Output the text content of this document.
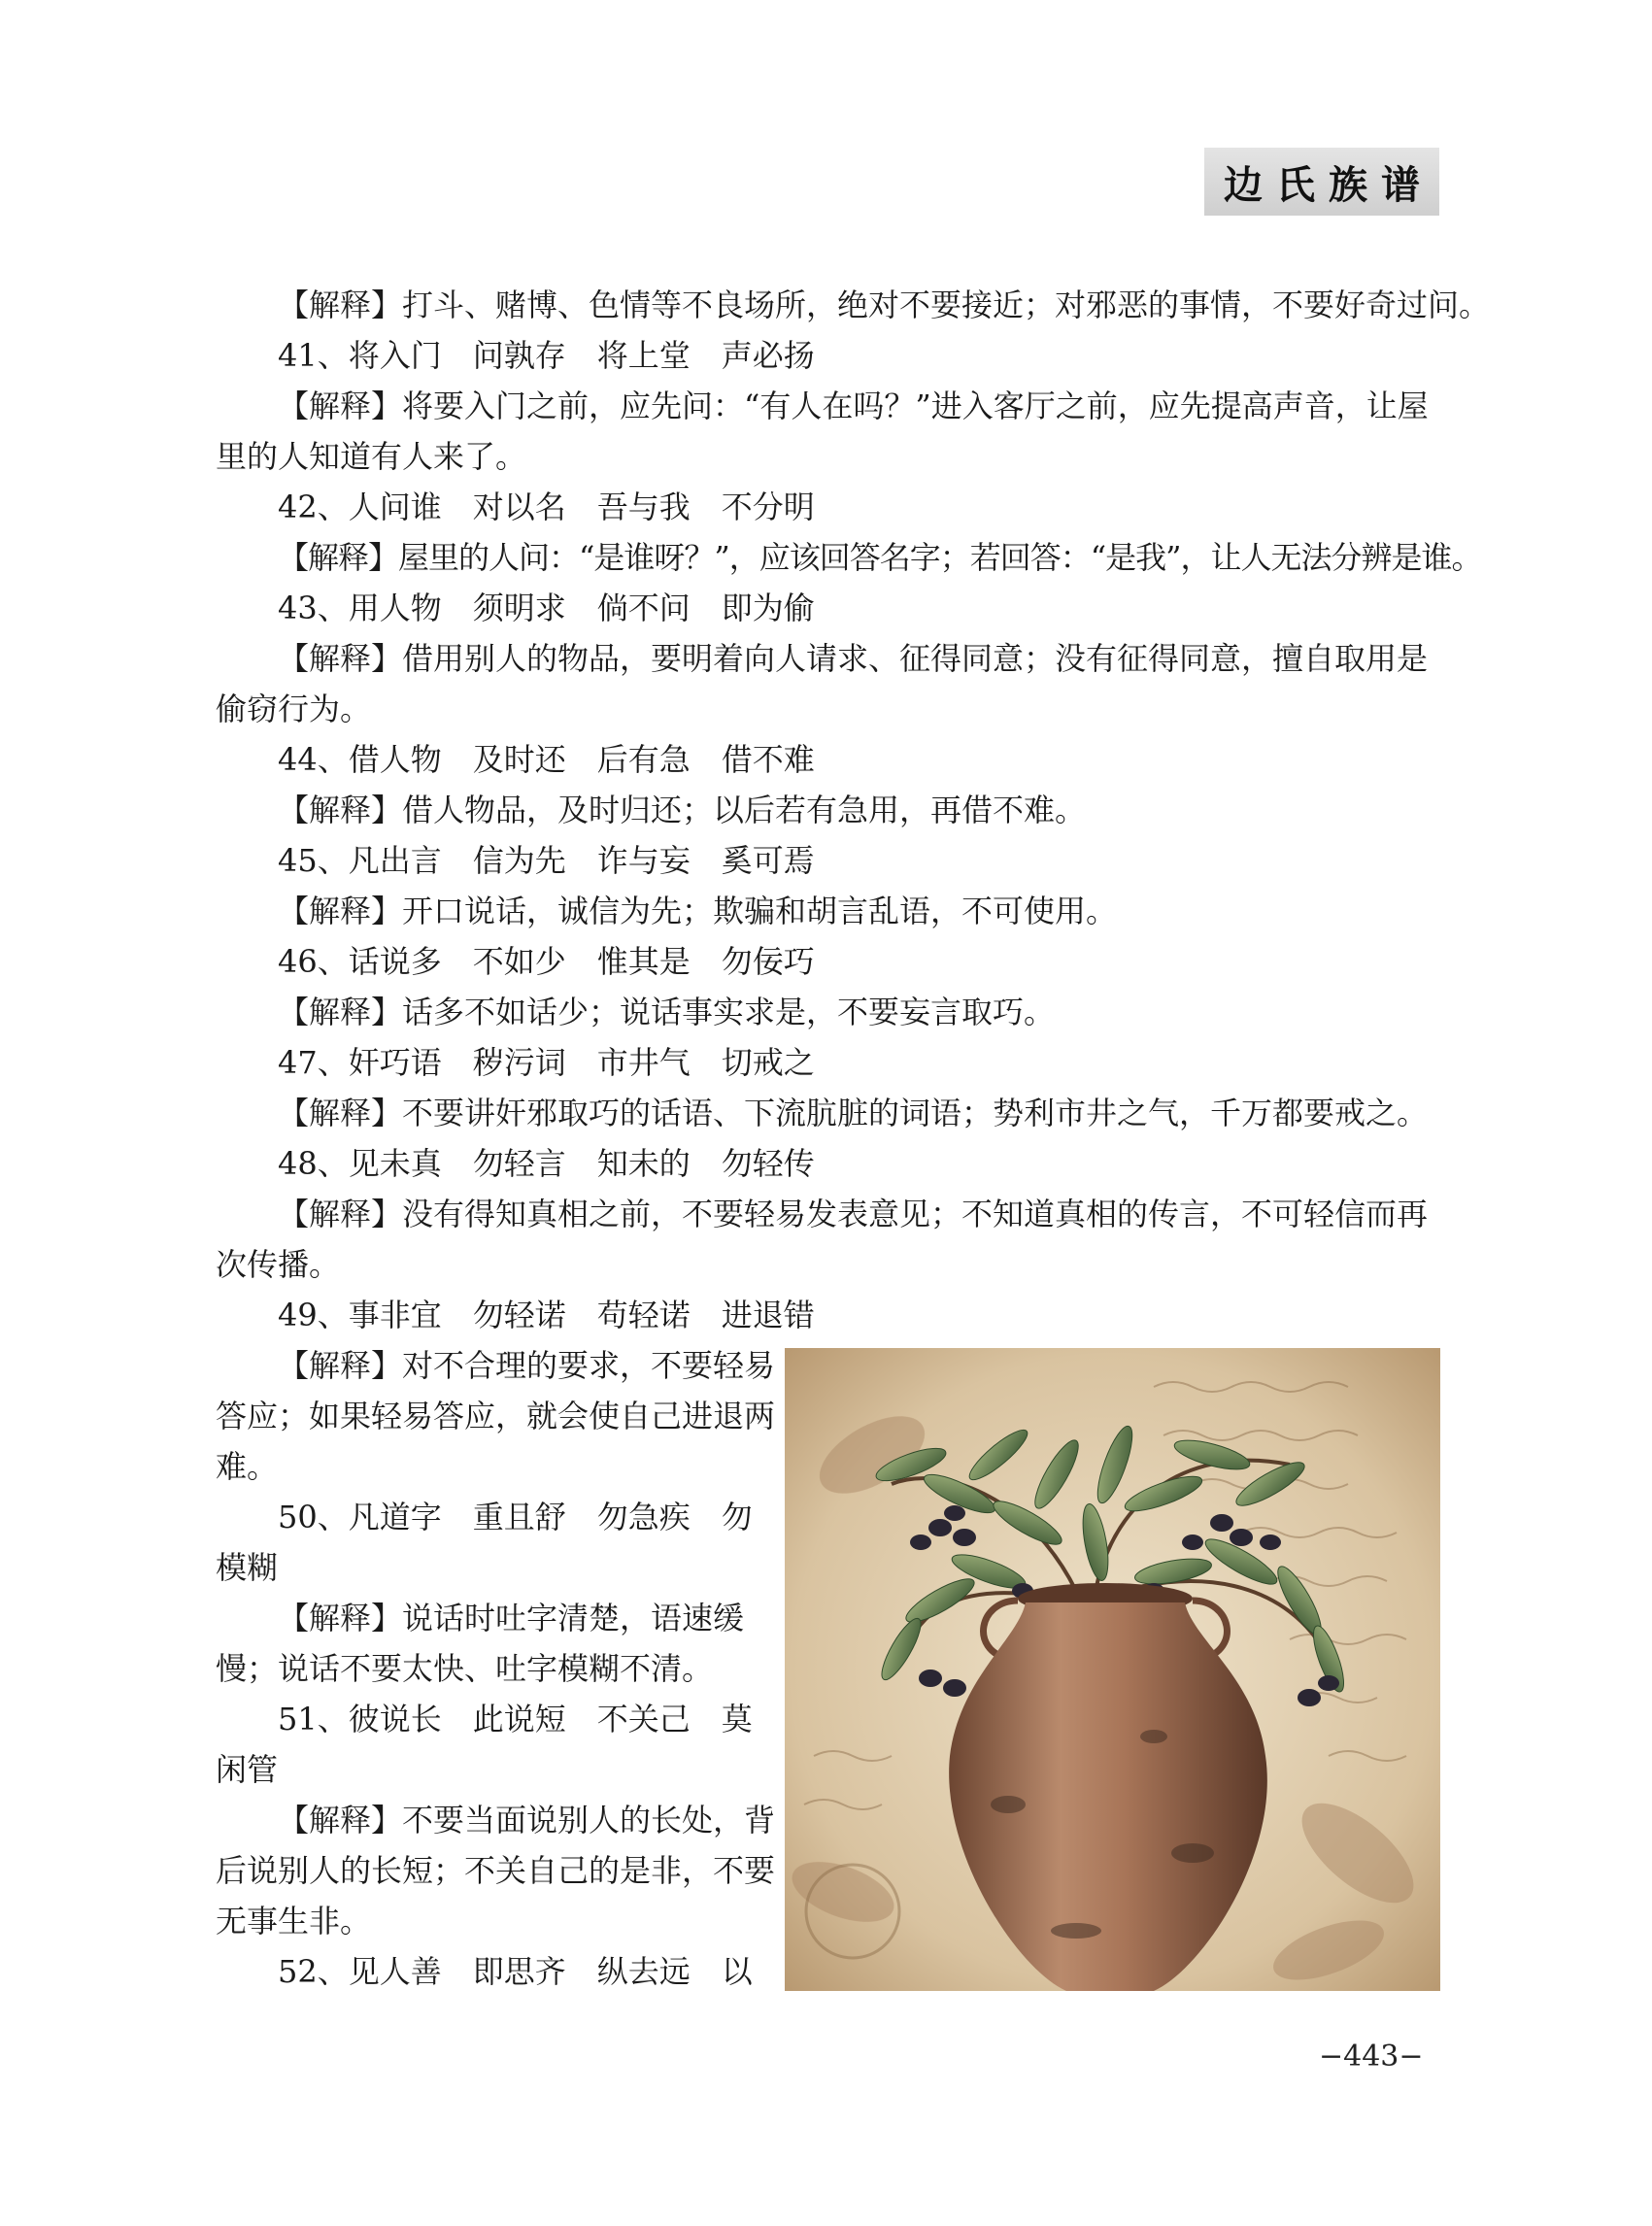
边氏族谱

【解释】打斗、赌博、色情等不良场所，绝对不要接近；对邪恶的事情，不要好奇过问。

41、将入门 问孰存 将上堂 声必扬

【解释】将要入门之前，应先问：“有人在吗？”进入客厅之前，应先提高声音，让屋里的人知道有人来了。

42、人问谁 对以名 吾与我 不分明

【解释】屋里的人问：“是谁呀？”，应该回答名字；若回答：“是我”，让人无法分辨是谁。

43、用人物 须明求 倘不问 即为偷

【解释】借用别人的物品，要明着向人请求、征得同意；没有征得同意，擅自取用是偷窃行为。

44、借人物 及时还 后有急 借不难

【解释】借人物品，及时归还；以后若有急用，再借不难。

45、凡出言 信为先 诈与妄 奚可焉

【解释】开口说话，诚信为先；欺骗和胡言乱语，不可使用。

46、话说多 不如少 惟其是 勿佞巧

【解释】话多不如话少；说话事实求是，不要妄言取巧。

47、奸巧语 秽污词 市井气 切戒之

【解释】不要讲奸邪取巧的话语、下流肮脏的词语；势利市井之气，千万都要戒之。

48、见未真 勿轻言 知未的 勿轻传

【解释】没有得知真相之前，不要轻易发表意见；不知道真相的传言，不可轻信而再次传播。

49、事非宜 勿轻诺 苟轻诺 进退错

【解释】对不合理的要求，不要轻易答应；如果轻易答应，就会使自己进退两难。

50、凡道字　重且舒　勿急疾　勿模糊

【解释】说话时吐字清楚，语速缓慢；说话不要太快、吐字模糊不清。

51、彼说长　此说短　不关己　莫闲管

【解释】不要当面说别人的长处，背后说别人的长短；不关自己的是非，不要无事生非。

52、见人善　即思齐　纵去远　以

−443−
